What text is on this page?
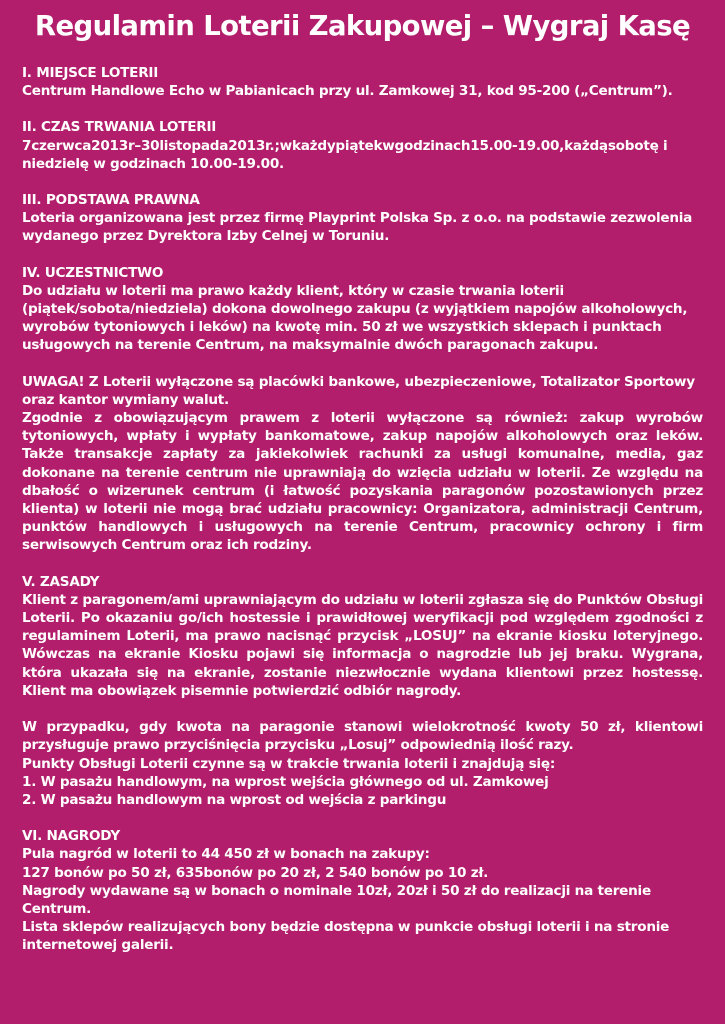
Regulamin Loterii Zakupowej – Wygraj Kasę
I. MIEJSCE LOTERII
Centrum Handlowe Echo w Pabianicach przy ul. Zamkowej 31, kod 95-200 („Centrum”).
II. CZAS TRWANIA LOTERII
7czerwca2013r–30listopada2013r.;wkażdypiątekwgodzinach15.00-19.00,każdąsobotę i niedzielę w godzinach 10.00-19.00.
III. PODSTAWA PRAWNA
Loteria organizowana jest przez firmę Playprint Polska Sp. z o.o. na podstawie zezwolenia wydanego przez Dyrektora Izby Celnej w Toruniu.
IV. UCZESTNICTWO
Do udziału w loterii ma prawo każdy klient, który w czasie trwania loterii (piątek/sobota/niedziela) dokona dowolnego zakupu (z wyjątkiem napojów alkoholowych, wyrobów tytoniowych i leków) na kwotę min. 50 zł we wszystkich sklepach i punktach usługowych na terenie Centrum, na maksymalnie dwóch paragonach zakupu.
UWAGA! Z Loterii wyłączone są placówki bankowe, ubezpieczeniowe, Totalizator Sportowy oraz kantor wymiany walut.
Zgodnie z obowiązującym prawem z loterii wyłączone są również: zakup wyrobów tytoniowych, wpłaty i wypłaty bankomatowe, zakup napojów alkoholowych oraz leków. Także transakcje zapłaty za jakiekolwiek rachunki za usługi komunalne, media, gaz dokonane na terenie centrum nie uprawniają do wzięcia udziału w loterii. Ze względu na dbałość o wizerunek centrum (i łatwość pozyskania paragonów pozostawionych przez klienta) w loterii nie mogą brać udziału pracownicy: Organizatora, administracji Centrum, punktów handlowych i usługowych na terenie Centrum, pracownicy ochrony i firm serwisowych Centrum oraz ich rodziny.
V. ZASADY
Klient z paragonem/ami uprawniającym do udziału w loterii zgłasza się do Punktów Obsługi Loterii. Po okazaniu go/ich hostessie i prawidłowej weryfikacji pod względem zgodności z regulaminem Loterii, ma prawo nacisnąć przycisk „LOSUJ” na ekranie kiosku loteryjnego. Wówczas na ekranie Kiosku pojawi się informacja o nagrodzie lub jej braku. Wygrana, która ukazała się na ekranie, zostanie niezwłocznie wydana klientowi przez hostessę. Klient ma obowiązek pisemnie potwierdzić odbiór nagrody.
W przypadku, gdy kwota na paragonie stanowi wielokrotność kwoty 50 zł, klientowi przysługuje prawo przyciśnięcia przycisku „Losuj” odpowiednią ilość razy.
Punkty Obsługi Loterii czynne są w trakcie trwania loterii i znajdują się:
1. W pasażu handlowym, na wprost wejścia głównego od ul. Zamkowej
2. W pasażu handlowym na wprost od wejścia z parkingu
VI. NAGRODY
Pula nagród w loterii to 44 450 zł w bonach na zakupy:
127 bonów po 50 zł, 635bonów po 20 zł, 2 540 bonów po 10 zł.
Nagrody wydawane są w bonach o nominale 10zł, 20zł i 50 zł do realizacji na terenie Centrum.
Lista sklepów realizujących bony będzie dostępna w punkcie obsługi loterii i na stronie internetowej galerii.
